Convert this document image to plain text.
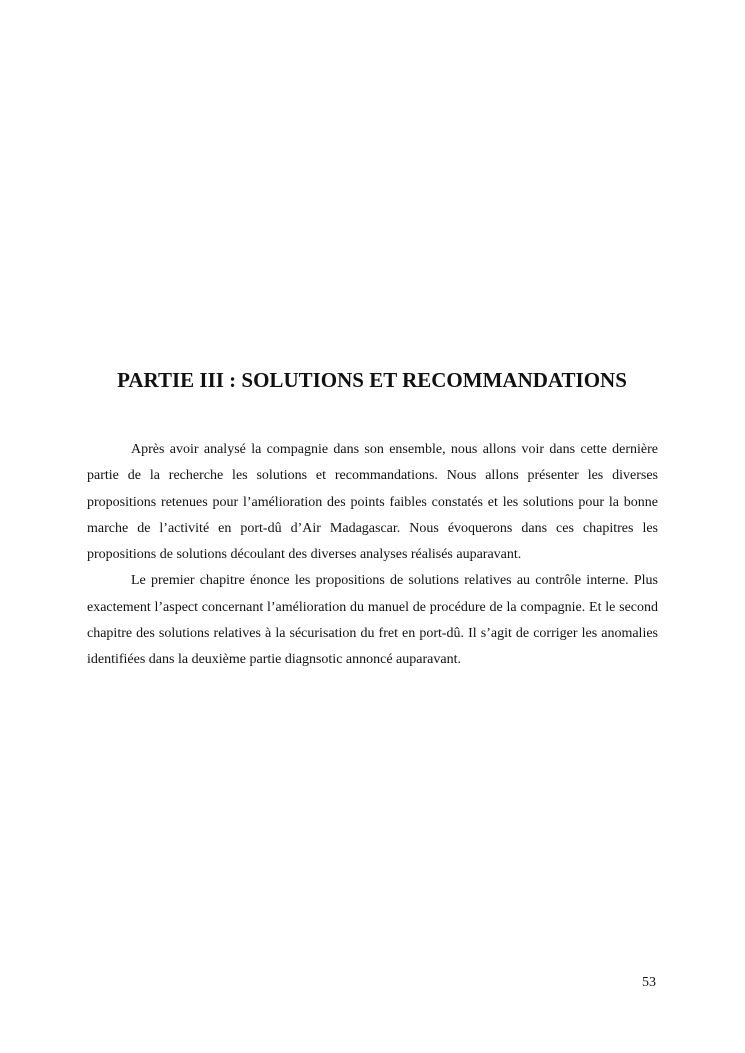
PARTIE III : SOLUTIONS ET RECOMMANDATIONS

Après avoir analysé la compagnie dans son ensemble, nous allons voir dans cette dernière partie de la recherche les solutions et recommandations. Nous allons présenter les diverses propositions retenues pour l’amélioration des points faibles constatés et les solutions pour la bonne marche de l’activité en port-dû d’Air Madagascar. Nous évoquerons dans ces chapitres les propositions de solutions découlant des diverses analyses réalisés auparavant.

Le premier chapitre énonce les propositions de solutions relatives au contrôle interne. Plus exactement l’aspect concernant l’amélioration du manuel de procédure de la compagnie. Et le second chapitre des solutions relatives à la sécurisation du fret en port-dû. Il s’agit de corriger les anomalies identifiées dans la deuxième partie diagnsotic annoncé auparavant.

53
